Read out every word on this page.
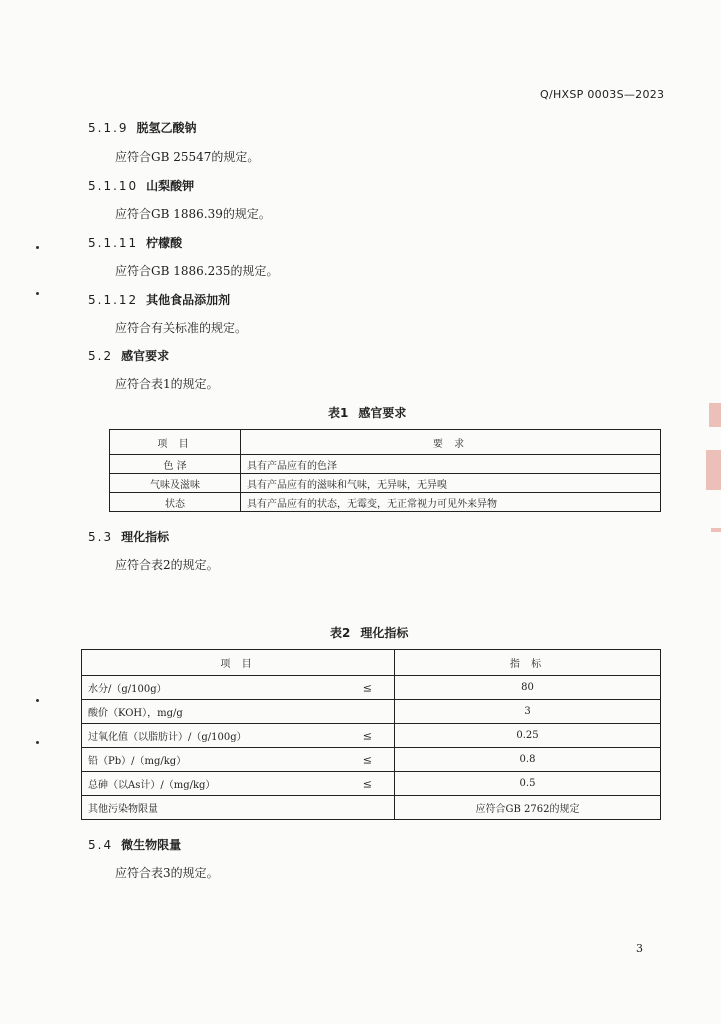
Q/HXSP 0003S—2023
5.1.9 脱氢乙酸钠
应符合GB 25547的规定。
5.1.10 山梨酸钾
应符合GB 1886.39的规定。
5.1.11 柠檬酸
应符合GB 1886.235的规定。
5.1.12 其他食品添加剂
应符合有关标准的规定。
5.2 感官要求
应符合表1的规定。
表1 感官要求
项 目	要 求
色 泽	具有产品应有的色泽
气味及滋味	具有产品应有的滋味和气味，无异味，无异嗅
状态	具有产品应有的状态，无霉变，无正常视力可见外来异物
5.3 理化指标
应符合表2的规定。
表2 理化指标
项 目	指 标
水分/（g/100g） ≤	80
酸价（KOH），mg/g	3
过氧化值（以脂肪计）/（g/100g） ≤	0.25
铅（Pb）/（mg/kg） ≤	0.8
总砷（以As计）/（mg/kg） ≤	0.5
其他污染物限量	应符合GB 2762的规定
5.4 微生物限量
应符合表3的规定。
3
